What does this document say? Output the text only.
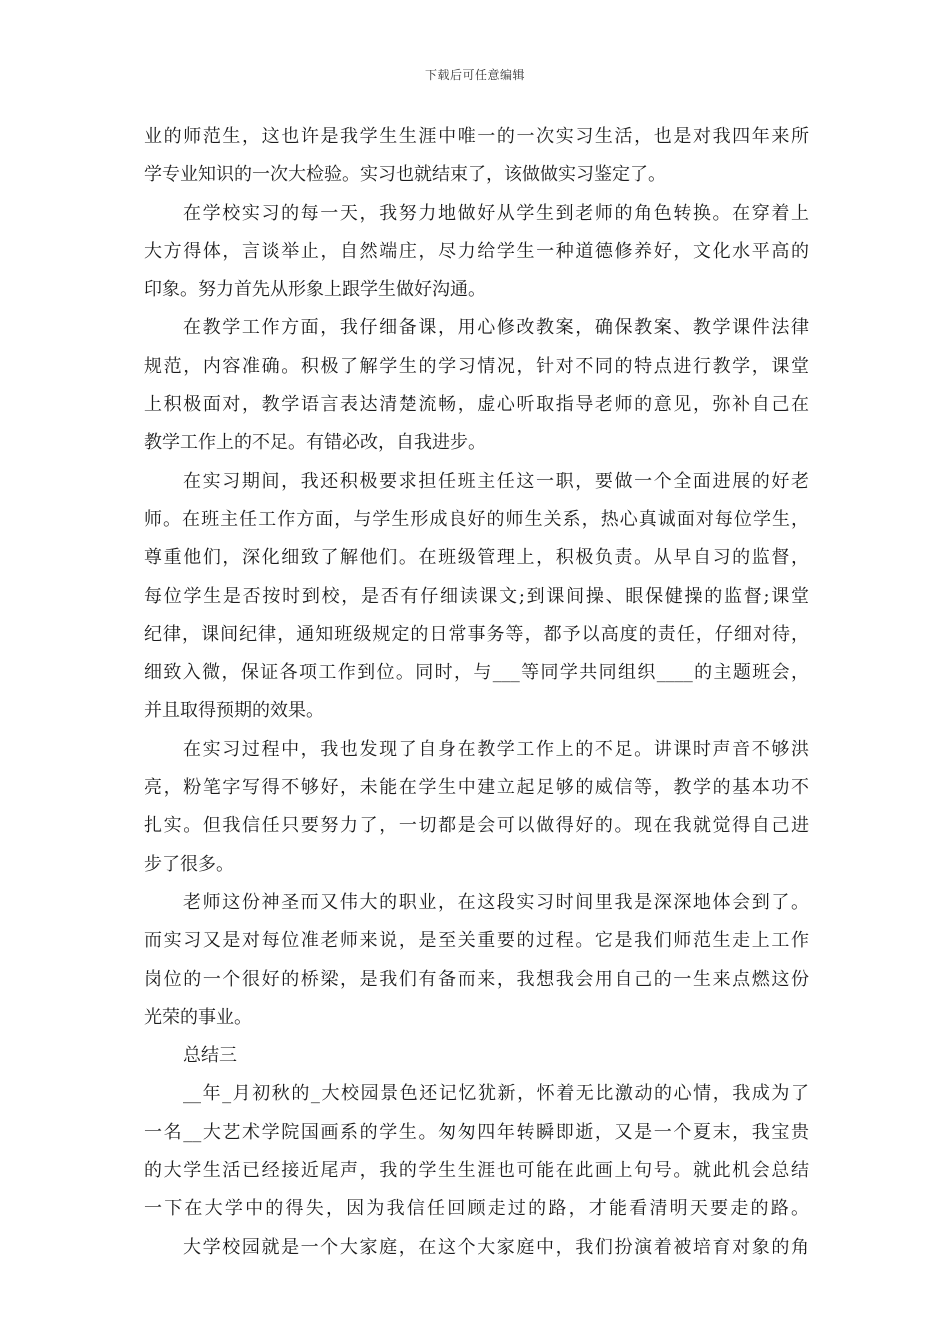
下载后可任意编辑
业的师范生，这也许是我学生生涯中唯一的一次实习生活，也是对我四年来所
学专业知识的一次大检验。实习也就结束了，该做做实习鉴定了。
在学校实习的每一天，我努力地做好从学生到老师的角色转换。在穿着上
大方得体，言谈举止，自然端庄，尽力给学生一种道德修养好，文化水平高的
印象。努力首先从形象上跟学生做好沟通。
在教学工作方面，我仔细备课，用心修改教案，确保教案、教学课件法律
规范，内容准确。积极了解学生的学习情况，针对不同的特点进行教学，课堂
上积极面对，教学语言表达清楚流畅，虚心听取指导老师的意见，弥补自己在
教学工作上的不足。有错必改，自我进步。
在实习期间，我还积极要求担任班主任这一职，要做一个全面进展的好老
师。在班主任工作方面，与学生形成良好的师生关系，热心真诚面对每位学生，
尊重他们，深化细致了解他们。在班级管理上，积极负责。从早自习的监督，
每位学生是否按时到校，是否有仔细读课文;到课间操、眼保健操的监督;课堂
纪律，课间纪律，通知班级规定的日常事务等，都予以高度的责任，仔细对待，
细致入微，保证各项工作到位。同时，与___等同学共同组织____的主题班会，
并且取得预期的效果。
在实习过程中，我也发现了自身在教学工作上的不足。讲课时声音不够洪
亮，粉笔字写得不够好，未能在学生中建立起足够的威信等，教学的基本功不
扎实。但我信任只要努力了，一切都是会可以做得好的。现在我就觉得自己进
步了很多。
老师这份神圣而又伟大的职业，在这段实习时间里我是深深地体会到了。
而实习又是对每位准老师来说，是至关重要的过程。它是我们师范生走上工作
岗位的一个很好的桥梁，是我们有备而来，我想我会用自己的一生来点燃这份
光荣的事业。
总结三
__年_月初秋的_大校园景色还记忆犹新，怀着无比激动的心情，我成为了
一名__大艺术学院国画系的学生。匆匆四年转瞬即逝，又是一个夏末，我宝贵
的大学生活已经接近尾声，我的学生生涯也可能在此画上句号。就此机会总结
一下在大学中的得失，因为我信任回顾走过的路，才能看清明天要走的路。
大学校园就是一个大家庭，在这个大家庭中，我们扮演着被培育对象的角
